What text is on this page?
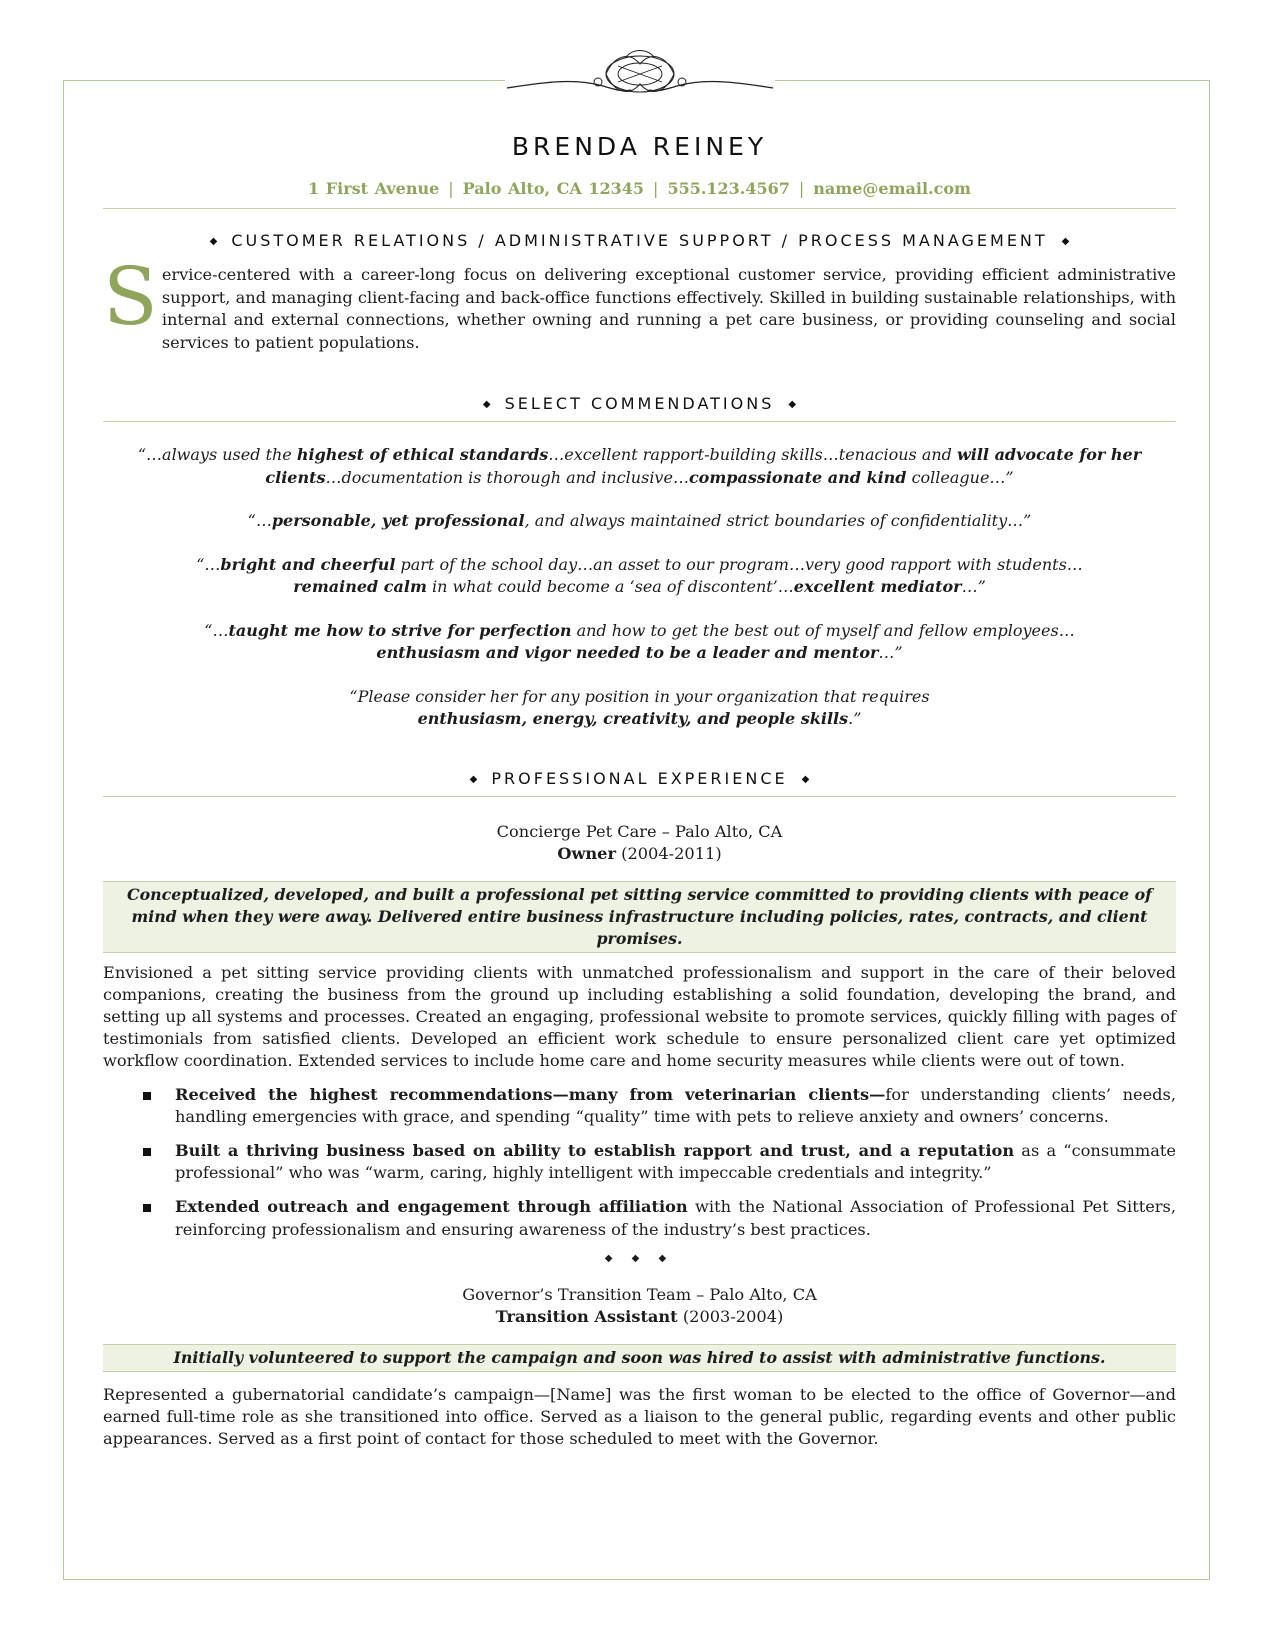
BRENDA REINEY
1 First Avenue | Palo Alto, CA 12345 | 555.123.4567 | name@email.com
◆ CUSTOMER RELATIONS / ADMINISTRATIVE SUPPORT / PROCESS MANAGEMENT ◆
Service-centered with a career-long focus on delivering exceptional customer service, providing efficient administrative support, and managing client-facing and back-office functions effectively. Skilled in building sustainable relationships, with internal and external connections, whether owning and running a pet care business, or providing counseling and social services to patient populations.
◆ SELECT COMMENDATIONS ◆
“…always used the highest of ethical standards…excellent rapport-building skills…tenacious and will advocate for her clients…documentation is thorough and inclusive…compassionate and kind colleague…”
“…personable, yet professional, and always maintained strict boundaries of confidentiality…”
“…bright and cheerful part of the school day…an asset to our program…very good rapport with students…
remained calm in what could become a ‘sea of discontent’…excellent mediator…”
“…taught me how to strive for perfection and how to get the best out of myself and fellow employees…
enthusiasm and vigor needed to be a leader and mentor…”
“Please consider her for any position in your organization that requires
enthusiasm, energy, creativity, and people skills.”
◆ PROFESSIONAL EXPERIENCE ◆
Concierge Pet Care – Palo Alto, CA
Owner (2004-2011)
Conceptualized, developed, and built a professional pet sitting service committed to providing clients with peace of mind when they were away. Delivered entire business infrastructure including policies, rates, contracts, and client promises.
Envisioned a pet sitting service providing clients with unmatched professionalism and support in the care of their beloved companions, creating the business from the ground up including establishing a solid foundation, developing the brand, and setting up all systems and processes. Created an engaging, professional website to promote services, quickly filling with pages of testimonials from satisfied clients. Developed an efficient work schedule to ensure personalized client care yet optimized workflow coordination. Extended services to include home care and home security measures while clients were out of town.
Received the highest recommendations—many from veterinarian clients—for understanding clients’ needs, handling emergencies with grace, and spending “quality” time with pets to relieve anxiety and owners’ concerns.
Built a thriving business based on ability to establish rapport and trust, and a reputation as a “consummate professional” who was “warm, caring, highly intelligent with impeccable credentials and integrity.”
Extended outreach and engagement through affiliation with the National Association of Professional Pet Sitters, reinforcing professionalism and ensuring awareness of the industry’s best practices.
◆ ◆ ◆
Governor’s Transition Team – Palo Alto, CA
Transition Assistant (2003-2004)
Initially volunteered to support the campaign and soon was hired to assist with administrative functions.
Represented a gubernatorial candidate’s campaign—[Name] was the first woman to be elected to the office of Governor—and earned full-time role as she transitioned into office. Served as a liaison to the general public, regarding events and other public appearances. Served as a first point of contact for those scheduled to meet with the Governor.
